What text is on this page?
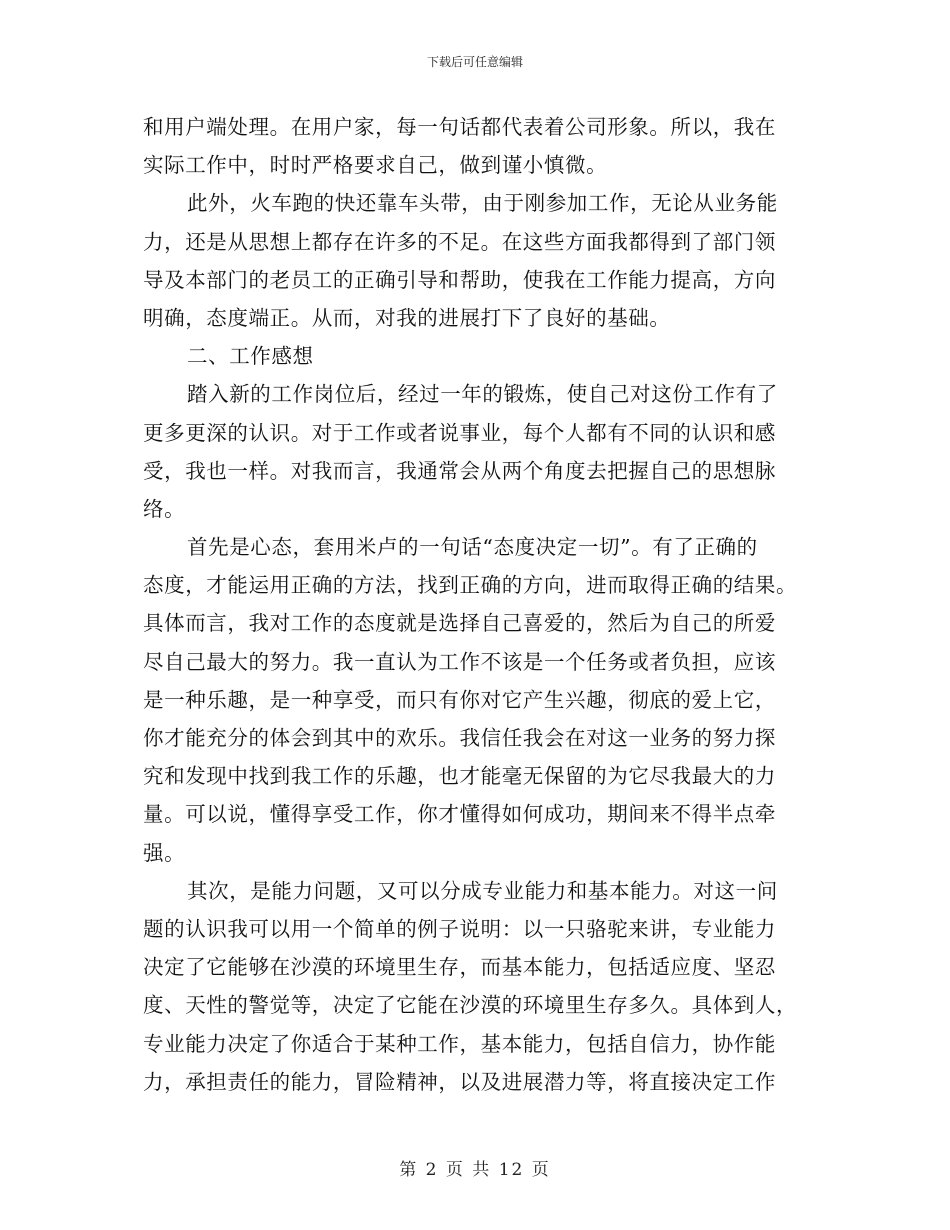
下载后可任意编辑
和用户端处理。在用户家，每一句话都代表着公司形象。所以，我在
实际工作中，时时严格要求自己，做到谨小慎微。
此外，火车跑的快还靠车头带，由于刚参加工作，无论从业务能
力，还是从思想上都存在许多的不足。在这些方面我都得到了部门领
导及本部门的老员工的正确引导和帮助，使我在工作能力提高，方向
明确，态度端正。从而，对我的进展打下了良好的基础。
二、工作感想
踏入新的工作岗位后，经过一年的锻炼，使自己对这份工作有了
更多更深的认识。对于工作或者说事业，每个人都有不同的认识和感
受，我也一样。对我而言，我通常会从两个角度去把握自己的思想脉
络。
首先是心态，套用米卢的一句话“态度决定一切”。有了正确的
态度，才能运用正确的方法，找到正确的方向，进而取得正确的结果。
具体而言，我对工作的态度就是选择自己喜爱的，然后为自己的所爱
尽自己最大的努力。我一直认为工作不该是一个任务或者负担，应该
是一种乐趣，是一种享受，而只有你对它产生兴趣，彻底的爱上它，
你才能充分的体会到其中的欢乐。我信任我会在对这一业务的努力探
究和发现中找到我工作的乐趣，也才能毫无保留的为它尽我最大的力
量。可以说，懂得享受工作，你才懂得如何成功，期间来不得半点牵
强。
其次，是能力问题，又可以分成专业能力和基本能力。对这一问
题的认识我可以用一个简单的例子说明：以一只骆驼来讲，专业能力
决定了它能够在沙漠的环境里生存，而基本能力，包括适应度、坚忍
度、天性的警觉等，决定了它能在沙漠的环境里生存多久。具体到人，
专业能力决定了你适合于某种工作，基本能力，包括自信力，协作能
力，承担责任的能力，冒险精神，以及进展潜力等，将直接决定工作
第 2 页 共 12 页
